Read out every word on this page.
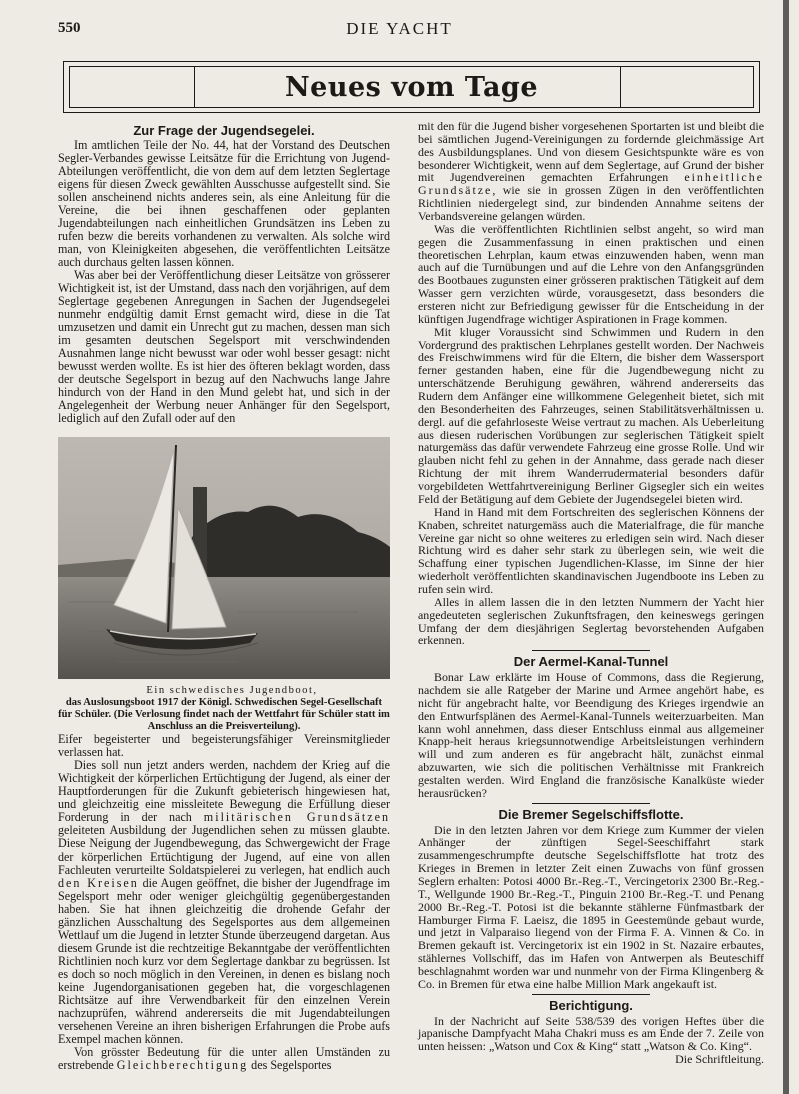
550	DIE YACHT
Neues vom Tage
Zur Frage der Jugendsegelei.

Im amtlichen Teile der No. 44, hat der Vorstand des Deutschen Segler-Verbandes gewisse Leitsätze für die Errichtung von Jugend-Abteilungen veröffentlicht, die von dem auf dem letzten Seglertage eigens für diesen Zweck gewählten Ausschusse aufgestellt sind. Sie sollen anscheinend nichts anderes sein, als eine Anleitung für die Vereine, die bei ihnen geschaffenen oder geplanten Jugendabteilungen nach einheitlichen Grundsätzen ins Leben zu rufen bezw die bereits vorhandenen zu verwalten. Als solche wird man, von Kleinigkeiten abgesehen, die veröffentlichten Leitsätze auch durchaus gelten lassen können.

Was aber bei der Veröffentlichung dieser Leitsätze von grösserer Wichtigkeit ist, ist der Umstand, dass nach den vorjährigen, auf dem Seglertage gegebenen Anregungen in Sachen der Jugendsegelei nunmehr endgültig damit Ernst gemacht wird, diese in die Tat umzusetzen und damit ein Unrecht gut zu machen, dessen man sich im gesamten deutschen Segelsport mit verschwindenden Ausnahmen lange nicht bewusst war oder wohl besser gesagt: nicht bewusst werden wollte. Es ist hier des öfteren beklagt worden, dass der deutsche Segelsport in bezug auf den Nachwuchs lange Jahre hindurch von der Hand in den Mund gelebt hat, und sich in der Angelegenheit der Werbung neuer Anhänger für den Segelsport, lediglich auf den Zufall oder auf den

Ein schwedisches Jugendboot,
das Auslosungsboot 1917 der Königl. Schwedischen Segel-Gesellschaft für Schüler. (Die Verlosung findet nach der Wettfahrt für Schüler statt im Anschluss an die Preisverteilung).

Eifer begeisterter und begeisterungsfähiger Vereinsmitglieder verlassen hat.

Dies soll nun jetzt anders werden, nachdem der Krieg auf die Wichtigkeit der körperlichen Ertüchtigung der Jugend, als einer der Hauptforderungen für die Zukunft gebieterisch hingewiesen hat, und gleichzeitig eine missleitete Bewegung die Erfüllung dieser Forderung in der nach militärischen Grundsätzen geleiteten Ausbildung der Jugendlichen sehen zu müssen glaubte. Diese Neigung der Jugendbewegung, das Schwergewicht der Frage der körperlichen Ertüchtigung der Jugend, auf eine von allen Fachleuten verurteilte Soldatspielerei zu verlegen, hat endlich auch den Kreisen die Augen geöffnet, die bisher der Jugendfrage im Segelsport mehr oder weniger gleichgültig gegenübergestanden haben. Sie hat ihnen gleichzeitig die drohende Gefahr der gänzlichen Ausschaltung des Segelsportes aus dem allgemeinen Wettlauf um die Jugend in letzter Stunde überzeugend dargetan. Aus diesem Grunde ist die rechtzeitige Bekanntgabe der veröffentlichten Richtlinien noch kurz vor dem Seglertage dankbar zu begrüssen. Ist es doch so noch möglich in den Vereinen, in denen es bislang noch keine Jugendorganisationen gegeben hat, die vorgeschlagenen Richtsätze auf ihre Verwendbarkeit für den einzelnen Verein nachzuprüfen, während andererseits die mit Jugendabteilungen versehenen Vereine an ihren bisherigen Erfahrungen die Probe aufs Exempel machen können.

Von grösster Bedeutung für die unter allen Umständen zu erstrebende Gleichberechtigung des Segelsportes

mit den für die Jugend bisher vorgesehenen Sportarten ist und bleibt die bei sämtlichen Jugend-Vereinigungen zu fordernde gleichmässige Art des Ausbildungsplanes. Und von diesem Gesichtspunkte wäre es von besonderer Wichtigkeit, wenn auf dem Seglertage, auf Grund der bisher mit Jugendvereinen gemachten Erfahrungen einheitliche Grundsätze, wie sie in grossen Zügen in den veröffentlichten Richtlinien niedergelegt sind, zur bindenden Annahme seitens der Verbandsvereine gelangen würden.

Was die veröffentlichten Richtlinien selbst angeht, so wird man gegen die Zusammenfassung in einen praktischen und einen theoretischen Lehrplan, kaum etwas einzuwenden haben, wenn man auch auf die Turnübungen und auf die Lehre von den Anfangsgründen des Bootbaues zugunsten einer grösseren praktischen Tätigkeit auf dem Wasser gern verzichten würde, vorausgesetzt, dass besonders die ersteren nicht zur Befriedigung gewisser für die Entscheidung in der künftigen Jugendfrage wichtiger Aspirationen in Frage kommen.

Mit kluger Voraussicht sind Schwimmen und Rudern in den Vordergrund des praktischen Lehrplanes gestellt worden. Der Nachweis des Freischwimmens wird für die Eltern, die bisher dem Wassersport ferner gestanden haben, eine für die Jugendbewegung nicht zu unterschätzende Beruhigung gewähren, während andererseits das Rudern dem Anfänger eine willkommene Gelegenheit bietet, sich mit den Besonderheiten des Fahrzeuges, seinen Stabilitätsverhältnissen u. dergl. auf die gefahrloseste Weise vertraut zu machen. Als Ueberleitung aus diesen ruderischen Vorübungen zur seglerischen Tätigkeit spielt naturgemäss das dafür verwendete Fahrzeug eine grosse Rolle. Und wir glauben nicht fehl zu gehen in der Annahme, dass gerade nach dieser Richtung der mit ihrem Wanderrudermaterial besonders dafür vorgebildeten Wettfahrtvereinigung Berliner Gigsegler sich ein weites Feld der Betätigung auf dem Gebiete der Jugendsegelei bieten wird.

Hand in Hand mit dem Fortschreiten des seglerischen Könnens der Knaben, schreitet naturgemäss auch die Materialfrage, die für manche Vereine gar nicht so ohne weiteres zu erledigen sein wird. Nach dieser Richtung wird es daher sehr stark zu überlegen sein, wie weit die Schaffung einer typischen Jugendlichen-Klasse, im Sinne der hier wiederholt veröffentlichten skandinavischen Jugendboote ins Leben zu rufen sein wird.

Alles in allem lassen die in den letzten Nummern der Yacht hier angedeuteten seglerischen Zukunftsfragen, den keineswegs geringen Umfang der dem diesjährigen Seglertag bevorstehenden Aufgaben erkennen.

Der Aermel-Kanal-Tunnel

Bonar Law erklärte im House of Commons, dass die Regierung, nachdem sie alle Ratgeber der Marine und Armee angehört habe, es nicht für angebracht halte, vor Beendigung des Krieges irgendwie an den Entwurfsplänen des Aermel-Kanal-Tunnels weiterzuarbeiten. Man kann wohl annehmen, dass dieser Entschluss einmal aus allgemeiner Knapp-heit heraus kriegsunnotwendige Arbeitsleistungen verhindern will und zum anderen es für angebracht hält, zunächst einmal abzuwarten, wie sich die politischen Verhältnisse mit Frankreich gestalten werden. Wird England die französische Kanalküste wieder herausrücken?

Die Bremer Segelschiffsflotte.

Die in den letzten Jahren vor dem Kriege zum Kummer der vielen Anhänger der zünftigen Segel-Seeschiffahrt stark zusammengeschrumpfte deutsche Segelschiffsflotte hat trotz des Krieges in Bremen in letzter Zeit einen Zuwachs von fünf grossen Seglern erhalten: Potosi 4000 Br.-Reg.-T., Vercingetorix 2300 Br.-Reg.-T., Wellgunde 1900 Br.-Reg.-T., Pinguin 2100 Br.-Reg.-T. und Penang 2000 Br.-Reg.-T. Potosi ist die bekannte stählerne Fünfmastbark der Hamburger Firma F. Laeisz, die 1895 in Geestemünde gebaut wurde, und jetzt in Valparaiso liegend von der Firma F. A. Vinnen & Co. in Bremen gekauft ist. Vercingetorix ist ein 1902 in St. Nazaire erbautes, stählernes Vollschiff, das im Hafen von Antwerpen als Beuteschiff beschlagnahmt worden war und nunmehr von der Firma Klingenberg & Co. in Bremen für etwa eine halbe Million Mark angekauft ist.

Berichtigung.

In der Nachricht auf Seite 538/539 des vorigen Heftes über die japanische Dampfyacht Maha Chakri muss es am Ende der 7. Zeile von unten heissen: „Watson und Cox & King“ statt „Watson & Co. King“.

Die Schriftleitung.
